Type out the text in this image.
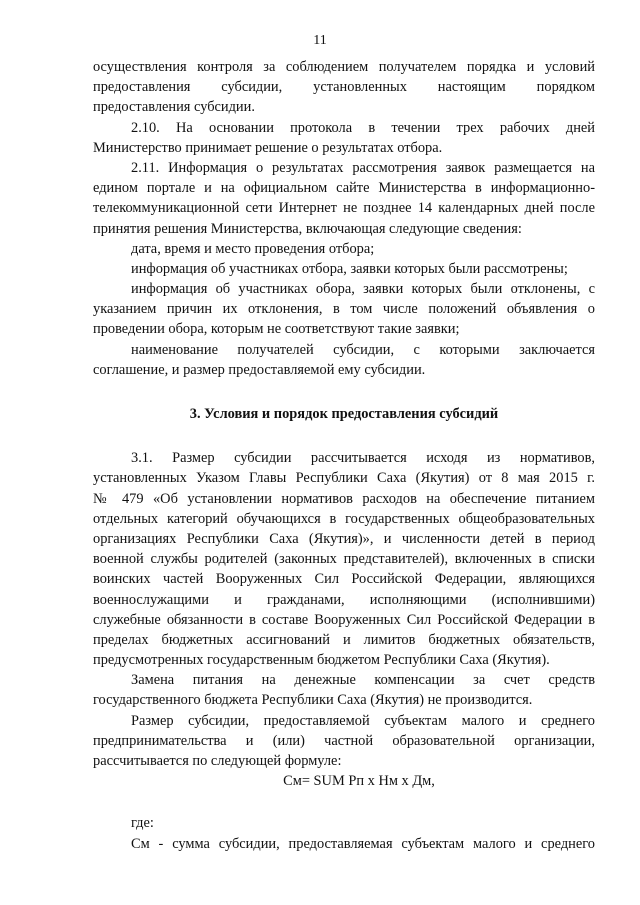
11
осуществления контроля за соблюдением получателем порядка и условий
предоставления субсидии, установленных настоящим порядком
предоставления субсидии.
2.10. На основании протокола в течении трех рабочих дней
Министерство принимает решение о результатах отбора.
2.11. Информация о результатах рассмотрения заявок размещается на
едином портале и на официальном сайте Министерства в информационно-
телекоммуникационной сети Интернет не позднее 14 календарных дней после
принятия решения Министерства, включающая следующие сведения:
дата, время и место проведения отбора;
информация об участниках отбора, заявки которых были рассмотрены;
информация об участниках обора, заявки которых были отклонены, с
указанием причин их отклонения, в том числе положений объявления о
проведении обора, которым не соответствуют такие заявки;
наименование получателей субсидии, с которыми заключается
соглашение, и размер предоставляемой ему субсидии.
3. Условия и порядок предоставления субсидий
3.1. Размер субсидии рассчитывается исходя из нормативов,
установленных Указом Главы Республики Саха (Якутия) от 8 мая 2015 г.
№ 479 «Об установлении нормативов расходов на обеспечение питанием
отдельных категорий обучающихся в государственных общеобразовательных
организациях Республики Саха (Якутия)», и численности детей в период
военной службы родителей (законных представителей), включенных в списки
воинских частей Вооруженных Сил Российской Федерации, являющихся
военнослужащими и гражданами, исполняющими (исполнившими)
служебные обязанности в составе Вооруженных Сил Российской Федерации в
пределах бюджетных ассигнований и лимитов бюджетных обязательств,
предусмотренных государственным бюджетом Республики Саха (Якутия).
Замена питания на денежные компенсации за счет средств
государственного бюджета Республики Саха (Якутия) не производится.
Размер субсидии, предоставляемой субъектам малого и среднего
предпринимательства и (или) частной образовательной организации,
рассчитывается по следующей формуле:
Cм= SUM Pп х Нм х Дм,
где:
См - сумма субсидии, предоставляемая субъектам малого и среднего
